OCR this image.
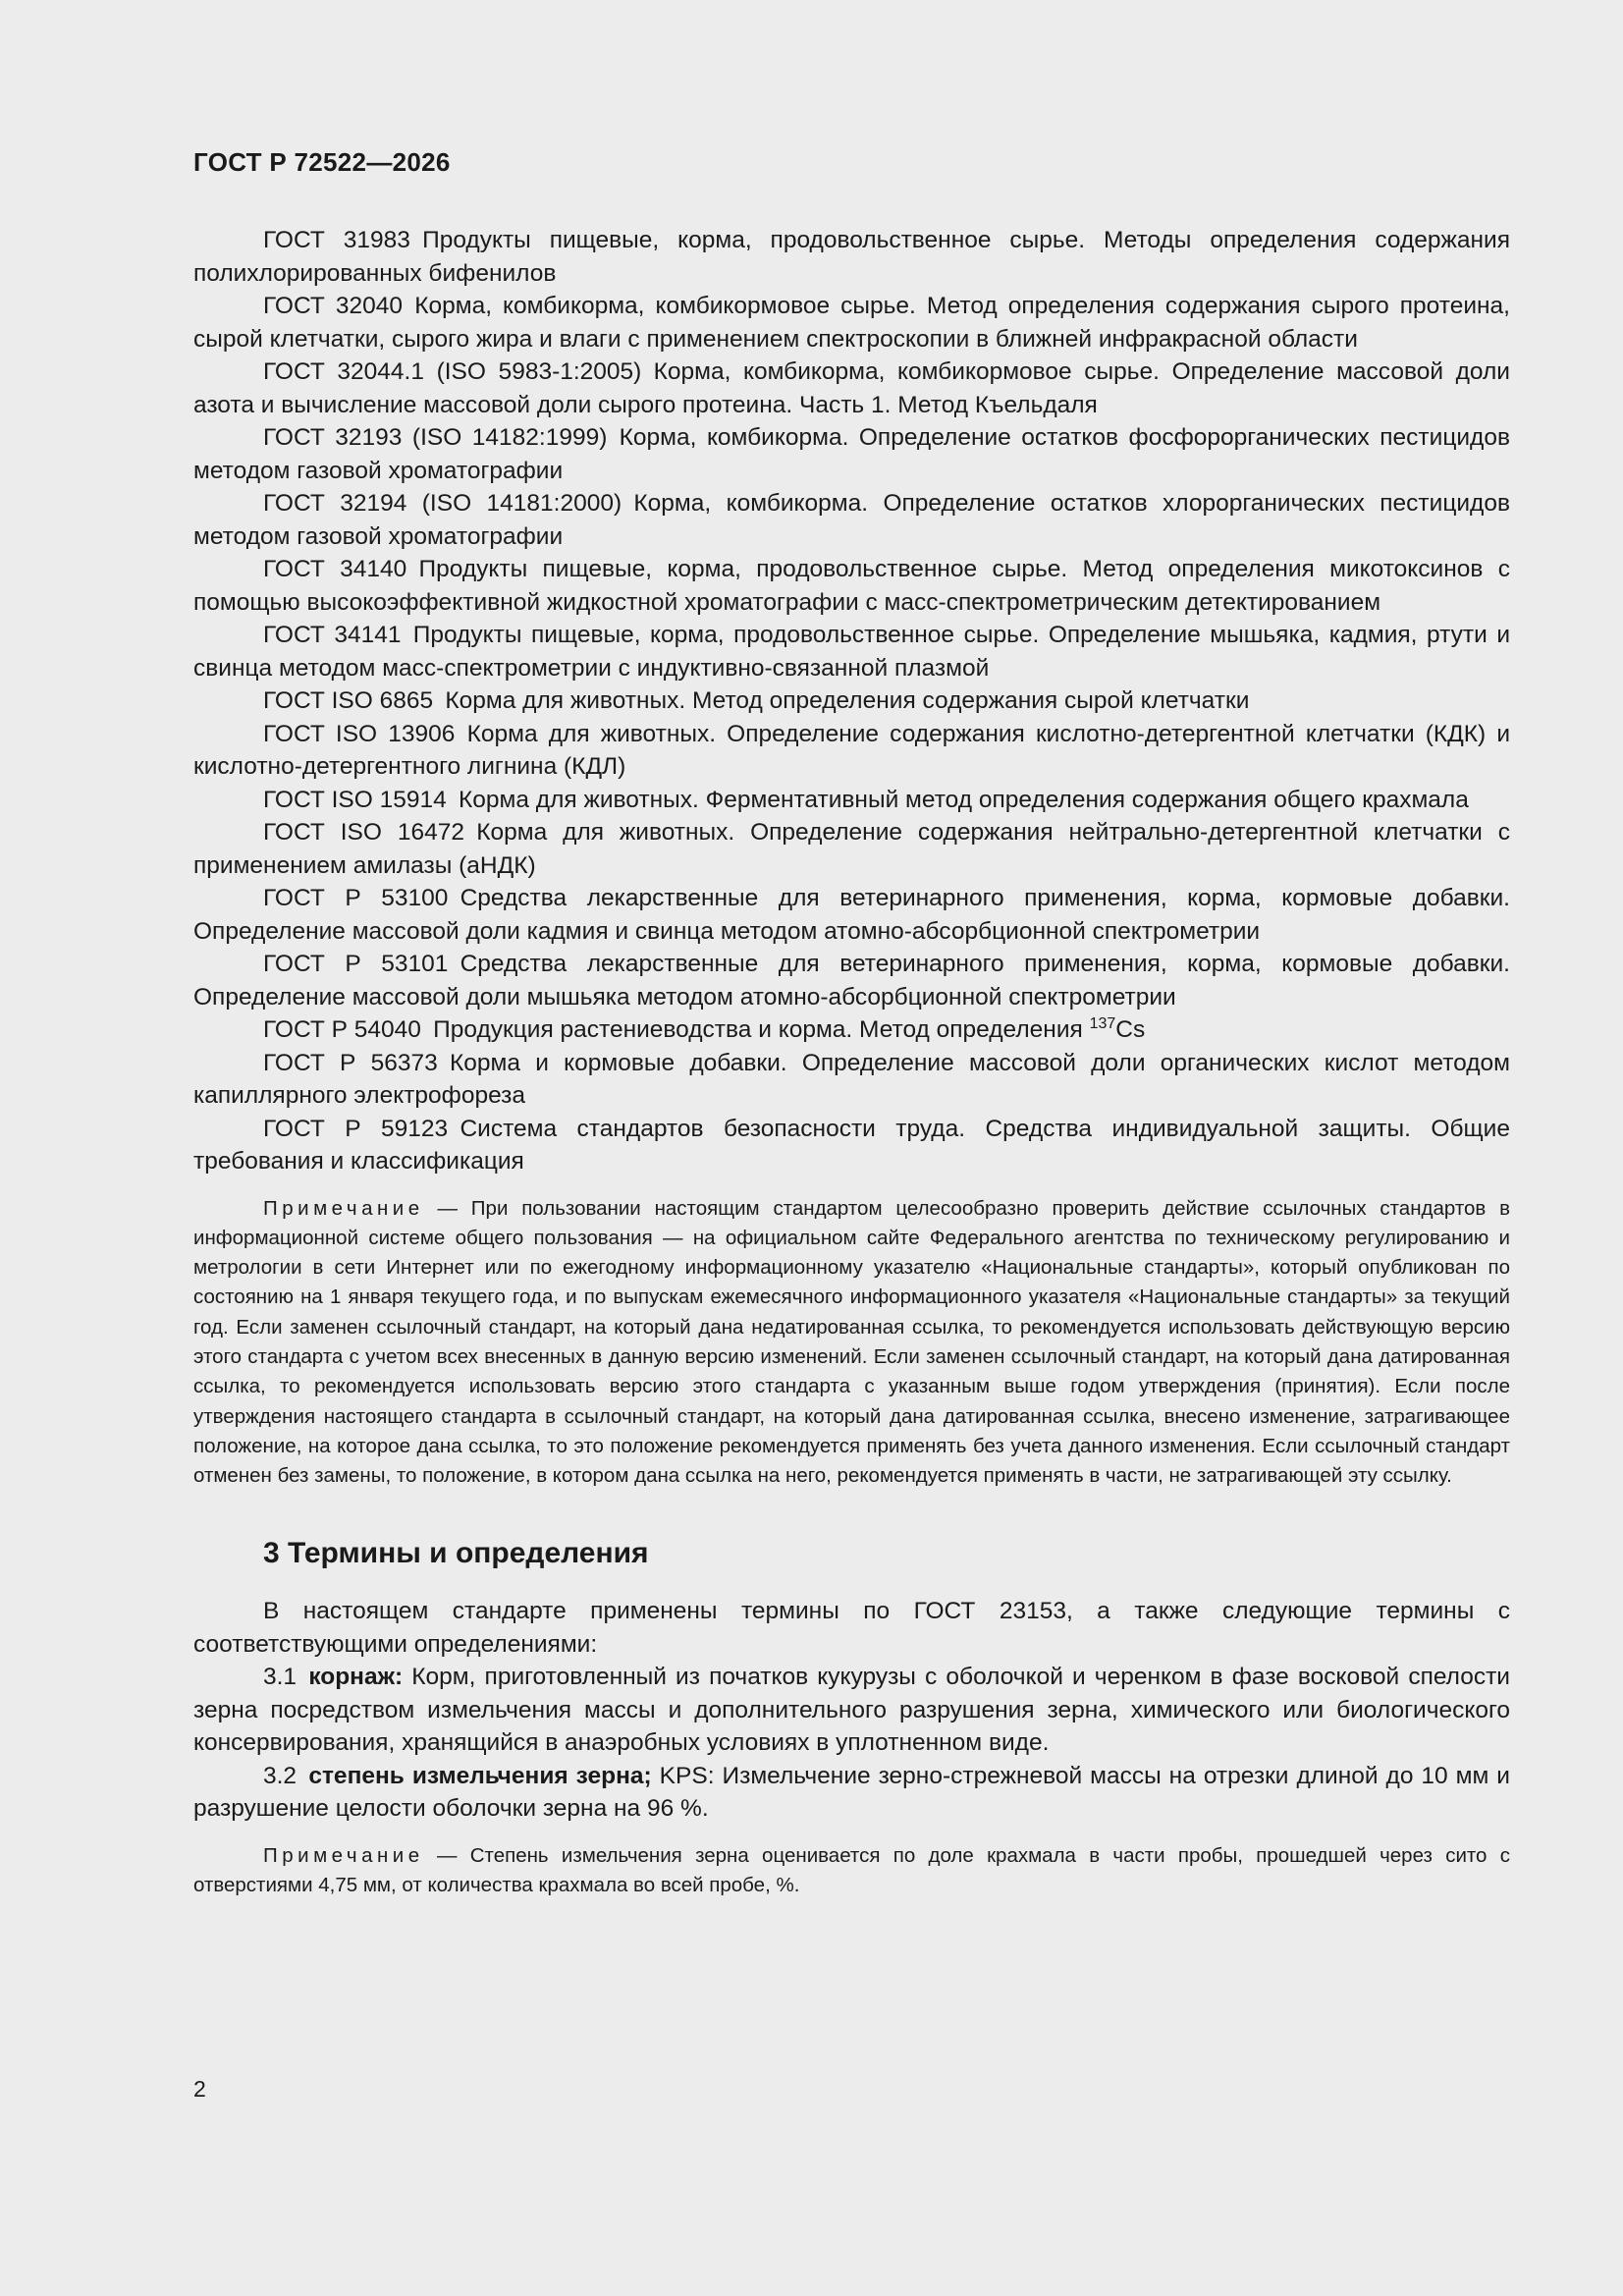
ГОСТ Р 72522—2026

ГОСТ 31983  Продукты пищевые, корма, продовольственное сырье. Методы определения содержания полихлорированных бифенилов

ГОСТ 32040  Корма, комбикорма, комбикормовое сырье. Метод определения содержания сырого протеина, сырой клетчатки, сырого жира и влаги с применением спектроскопии в ближней инфракрасной области

ГОСТ 32044.1 (ISO 5983-1:2005)  Корма, комбикорма, комбикормовое сырье. Определение массовой доли азота и вычисление массовой доли сырого протеина. Часть 1. Метод Къельдаля

ГОСТ 32193 (ISO 14182:1999)  Корма, комбикорма. Определение остатков фосфорорганических пестицидов методом газовой хроматографии

ГОСТ 32194 (ISO 14181:2000)  Корма, комбикорма. Определение остатков хлорорганических пестицидов методом газовой хроматографии

ГОСТ 34140  Продукты пищевые, корма, продовольственное сырье. Метод определения микотоксинов с помощью высокоэффективной жидкостной хроматографии с масс-спектрометрическим детектированием

ГОСТ 34141  Продукты пищевые, корма, продовольственное сырье. Определение мышьяка, кадмия, ртути и свинца методом масс-спектрометрии с индуктивно-связанной плазмой

ГОСТ ISO 6865  Корма для животных. Метод определения содержания сырой клетчатки

ГОСТ ISO 13906  Корма для животных. Определение содержания кислотно-детергентной клетчатки (КДК) и кислотно-детергентного лигнина (КДЛ)

ГОСТ ISO 15914  Корма для животных. Ферментативный метод определения содержания общего крахмала

ГОСТ ISO 16472  Корма для животных. Определение содержания нейтрально-детергентной клетчатки с применением амилазы (аНДК)

ГОСТ Р 53100  Средства лекарственные для ветеринарного применения, корма, кормовые добавки. Определение массовой доли кадмия и свинца методом атомно-абсорбционной спектрометрии

ГОСТ Р 53101  Средства лекарственные для ветеринарного применения, корма, кормовые добавки. Определение массовой доли мышьяка методом атомно-абсорбционной спектрометрии

ГОСТ Р 54040  Продукция растениеводства и корма. Метод определения $^{137}$Cs

ГОСТ Р 56373  Корма и кормовые добавки. Определение массовой доли органических кислот методом капиллярного электрофореза

ГОСТ Р 59123  Система стандартов безопасности труда. Средства индивидуальной защиты. Общие требования и классификация

Примечание — При пользовании настоящим стандартом целесообразно проверить действие ссылочных стандартов в информационной системе общего пользования — на официальном сайте Федерального агентства по техническому регулированию и метрологии в сети Интернет или по ежегодному информационному указателю «Национальные стандарты», который опубликован по состоянию на 1 января текущего года, и по выпускам ежемесячного информационного указателя «Национальные стандарты» за текущий год. Если заменен ссылочный стандарт, на который дана недатированная ссылка, то рекомендуется использовать действующую версию этого стандарта с учетом всех внесенных в данную версию изменений. Если заменен ссылочный стандарт, на который дана датированная ссылка, то рекомендуется использовать версию этого стандарта с указанным выше годом утверждения (принятия). Если после утверждения настоящего стандарта в ссылочный стандарт, на который дана датированная ссылка, внесено изменение, затрагивающее положение, на которое дана ссылка, то это положение рекомендуется применять без учета данного изменения. Если ссылочный стандарт отменен без замены, то положение, в котором дана ссылка на него, рекомендуется применять в части, не затрагивающей эту ссылку.

3 Термины и определения

В настоящем стандарте применены термины по ГОСТ 23153, а также следующие термины с соответствующими определениями:

3.1  корнаж: Корм, приготовленный из початков кукурузы с оболочкой и черенком в фазе восковой спелости зерна посредством измельчения массы и дополнительного разрушения зерна, химического или биологического консервирования, хранящийся в анаэробных условиях в уплотненном виде.

3.2  степень измельчения зерна; KPS: Измельчение зерно-стрежневой массы на отрезки длиной до 10 мм и разрушение целости оболочки зерна на 96 %.

Примечание — Степень измельчения зерна оценивается по доле крахмала в части пробы, прошедшей через сито с отверстиями 4,75 мм, от количества крахмала во всей пробе, %.

2
